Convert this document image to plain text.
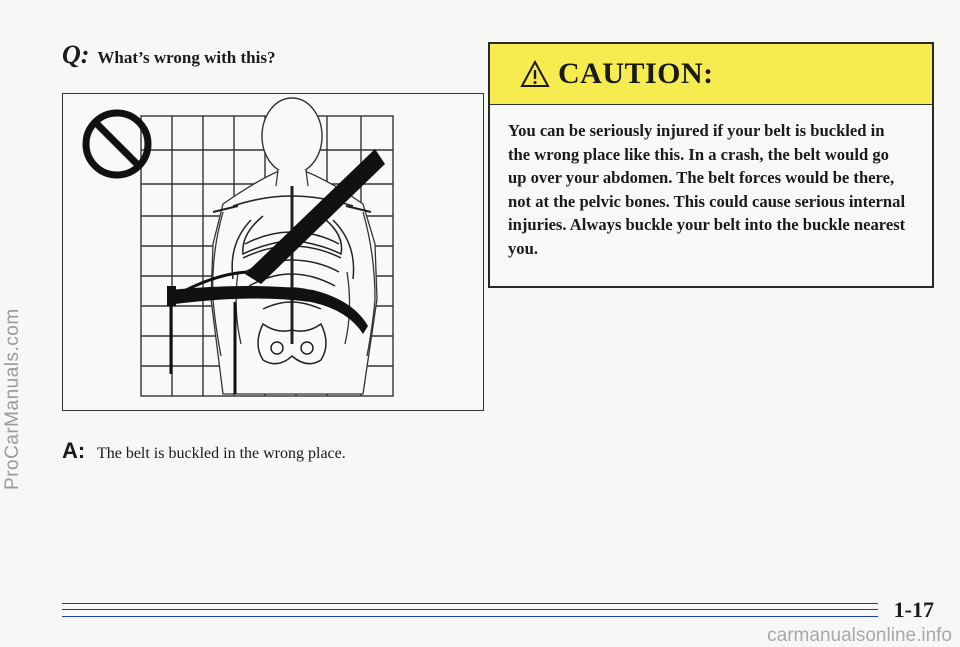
ProCarManuals.com
Q: What’s wrong with this?
A: The belt is buckled in the wrong place.
CAUTION:
You can be seriously injured if your belt is buckled in the wrong place like this. In a crash, the belt would go up over your abdomen. The belt forces would be there, not at the pelvic bones. This could cause serious internal injuries. Always buckle your belt into the buckle nearest you.
1-17
carmanualsonline.info
